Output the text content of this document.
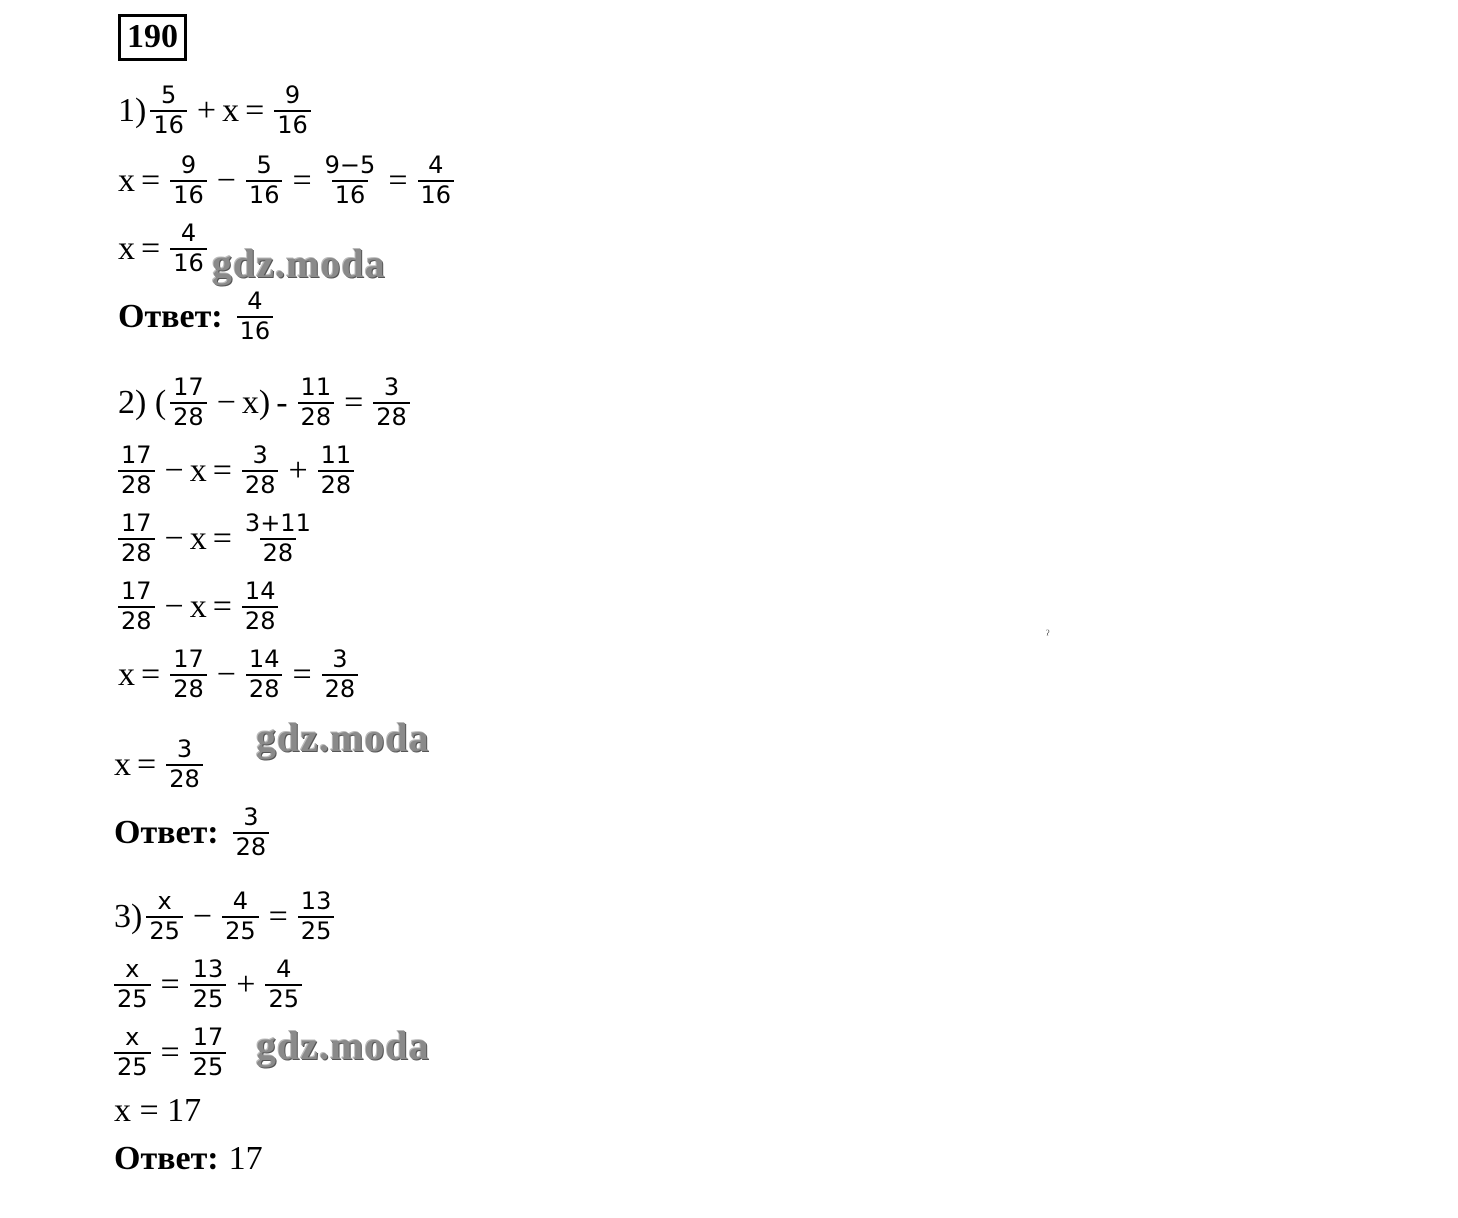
190
$1) \frac{5}{16} + x = \frac{9}{16}$
$x = \frac{9}{16} - \frac{5}{16} = \frac{9-5}{16} = \frac{4}{16}$
$x = \frac{4}{16}$
Ответ: $\frac{4}{16}$
2) ( $\frac{17}{28} - x) - \frac{11}{28} = \frac{3}{28}$
$\frac{17}{28} - x = \frac{3}{28} + \frac{11}{28}$
$\frac{17}{28} - x = \frac{3+11}{28}$
$\frac{17}{28} - x = \frac{14}{28}$
$x = \frac{17}{28} - \frac{14}{28} = \frac{3}{28}$
$x = \frac{3}{28}$
Ответ: $\frac{3}{28}$
$3) \frac{x}{25} - \frac{4}{25} = \frac{13}{25}$
$\frac{x}{25} = \frac{13}{25} + \frac{4}{25}$
$\frac{x}{25} = \frac{17}{25}$
x = 17
Ответ: 17
gdz.moda
gdz.moda
gdz.moda
ˀ
